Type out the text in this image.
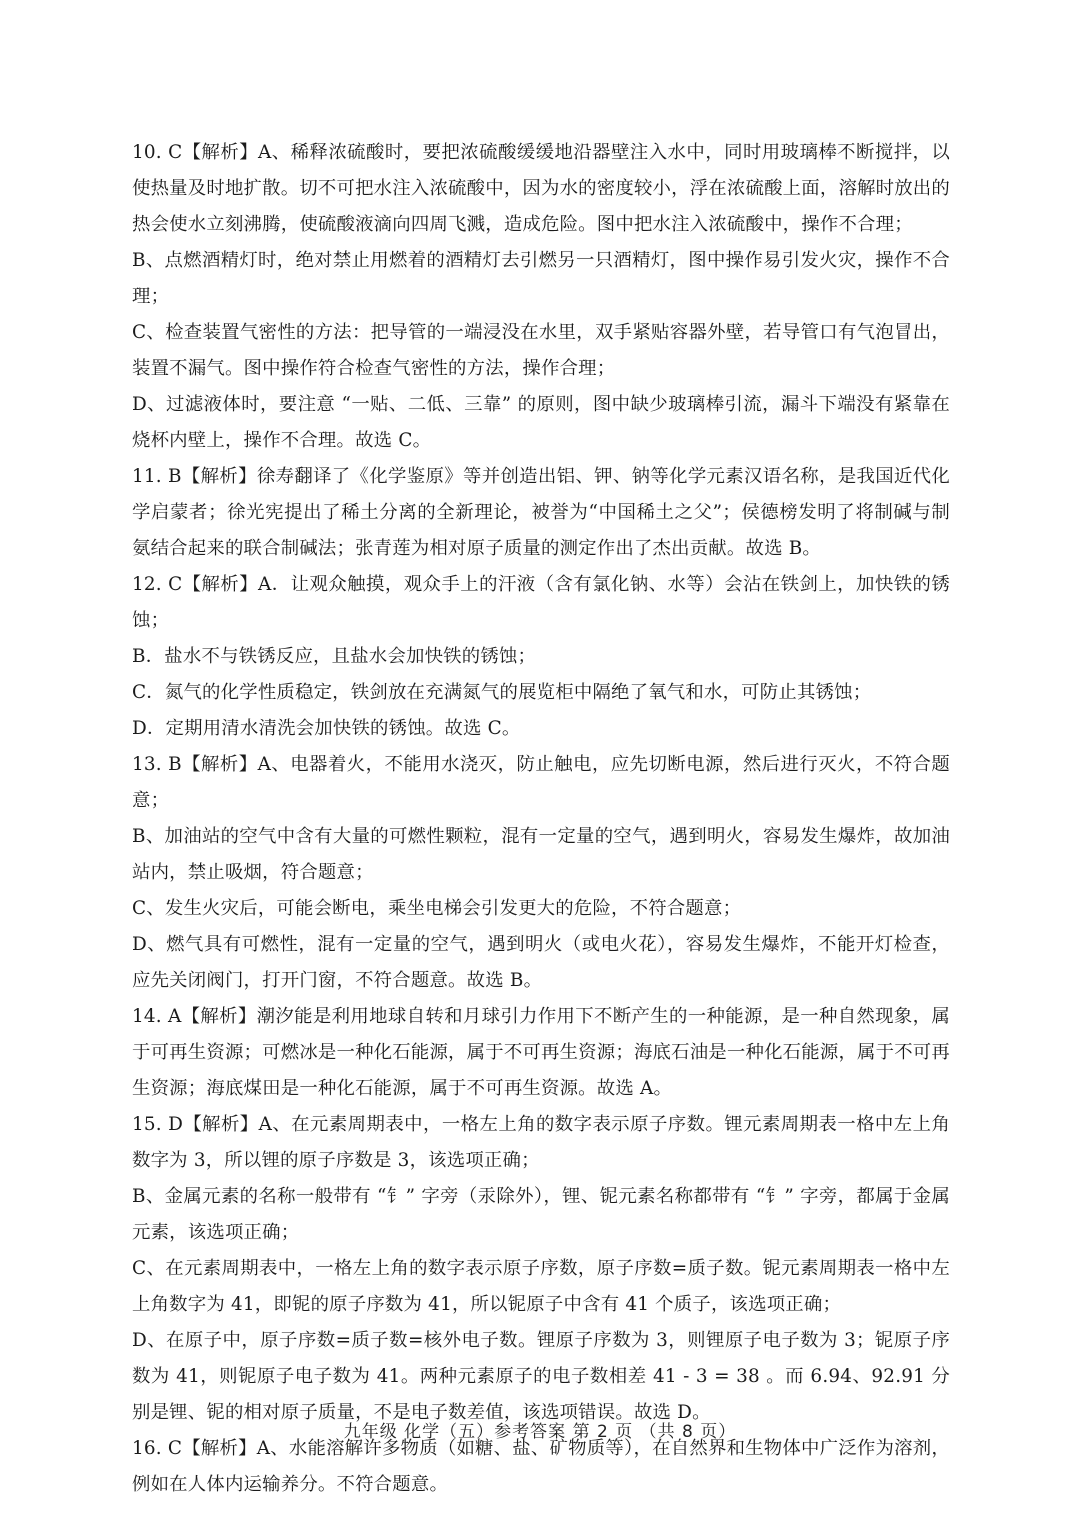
10. C【解析】A、稀释浓硫酸时，要把浓硫酸缓缓地沿器壁注入水中，同时用玻璃棒不断搅拌，以使热量及时地扩散。切不可把水注入浓硫酸中，因为水的密度较小，浮在浓硫酸上面，溶解时放出的热会使水立刻沸腾，使硫酸液滴向四周飞溅，造成危险。图中把水注入浓硫酸中，操作不合理；

B、点燃酒精灯时，绝对禁止用燃着的酒精灯去引燃另一只酒精灯，图中操作易引发火灾，操作不合理；

C、检查装置气密性的方法：把导管的一端浸没在水里，双手紧贴容器外壁，若导管口有气泡冒出，装置不漏气。图中操作符合检查气密性的方法，操作合理；

D、过滤液体时，要注意 “一贴、二低、三靠” 的原则，图中缺少玻璃棒引流，漏斗下端没有紧靠在烧杯内壁上，操作不合理。故选 C。

11. B【解析】徐寿翻译了《化学鉴原》等并创造出铝、钾、钠等化学元素汉语名称，是我国近代化学启蒙者；徐光宪提出了稀土分离的全新理论，被誉为“中国稀土之父”；侯德榜发明了将制碱与制氨结合起来的联合制碱法；张青莲为相对原子质量的测定作出了杰出贡献。故选 B。

12. C【解析】A．让观众触摸，观众手上的汗液（含有氯化钠、水等）会沾在铁剑上，加快铁的锈蚀；

B．盐水不与铁锈反应，且盐水会加快铁的锈蚀；

C．氮气的化学性质稳定，铁剑放在充满氮气的展览柜中隔绝了氧气和水，可防止其锈蚀；

D．定期用清水清洗会加快铁的锈蚀。故选 C。

13. B【解析】A、电器着火，不能用水浇灭，防止触电，应先切断电源，然后进行灭火，不符合题意；

B、加油站的空气中含有大量的可燃性颗粒，混有一定量的空气，遇到明火，容易发生爆炸，故加油站内，禁止吸烟，符合题意；

C、发生火灾后，可能会断电，乘坐电梯会引发更大的危险，不符合题意；

D、燃气具有可燃性，混有一定量的空气，遇到明火（或电火花），容易发生爆炸，不能开灯检查，应先关闭阀门，打开门窗，不符合题意。故选 B。

14. A【解析】潮汐能是利用地球自转和月球引力作用下不断产生的一种能源，是一种自然现象，属于可再生资源；可燃冰是一种化石能源，属于不可再生资源；海底石油是一种化石能源，属于不可再生资源；海底煤田是一种化石能源，属于不可再生资源。故选 A。

15. D【解析】A、在元素周期表中，一格左上角的数字表示原子序数。锂元素周期表一格中左上角数字为 3，所以锂的原子序数是 3，该选项正确；

B、金属元素的名称一般带有 “钅” 字旁（汞除外），锂、铌元素名称都带有 “钅” 字旁，都属于金属元素，该选项正确；

C、在元素周期表中，一格左上角的数字表示原子序数，原子序数=质子数。铌元素周期表一格中左上角数字为 41，即铌的原子序数为 41，所以铌原子中含有 41 个质子，该选项正确；

D、在原子中，原子序数=质子数=核外电子数。锂原子序数为 3，则锂原子电子数为 3；铌原子序数为 41，则铌原子电子数为 41。两种元素原子的电子数相差 41 - 3 = 38 。而 6.94、92.91 分别是锂、铌的相对原子质量，不是电子数差值，该选项错误。故选 D。

16. C【解析】A、水能溶解许多物质（如糖、盐、矿物质等），在自然界和生物体中广泛作为溶剂，例如在人体内运输养分。不符合题意。

九年级 化学（五）参考答案 第 2 页 （共 8 页）
